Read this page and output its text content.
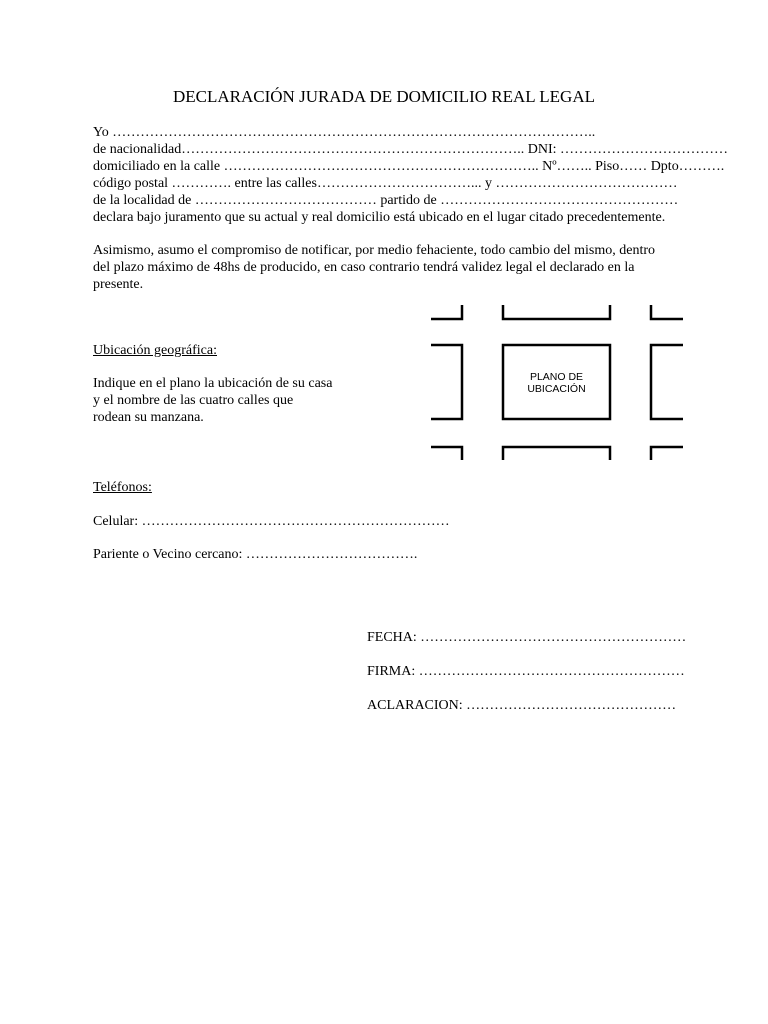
DECLARACIÓN JURADA DE DOMICILIO REAL LEGAL
Yo …………………………………………………………………………………………..
de nacionalidad……………………………………………………………….. DNI: ………………………………
domiciliado en la calle ………………………………………………………….. Nº…….. Piso…… Dpto……….
código postal …………. entre las calles……………………………... y …………………………………
de la localidad de ………………………………… partido de ……………………………………………
declara bajo juramento que su actual y real domicilio está ubicado en el lugar citado precedentemente.
Asimismo, asumo el compromiso de notificar, por medio fehaciente, todo cambio del mismo, dentro
del plazo máximo de 48hs de producido, en caso contrario tendrá validez legal el declarado en la
presente.
Ubicación geográfica:
Indique en el plano la ubicación de su casa
y el nombre de las cuatro calles que
rodean su manzana.
PLANO DE
UBICACIÓN
Teléfonos:
Celular: …………………………………………………………
Pariente o Vecino cercano: ……………………………….
FECHA: …………………………………………………
FIRMA: …………………………………………………
ACLARACION: ………………………………………
